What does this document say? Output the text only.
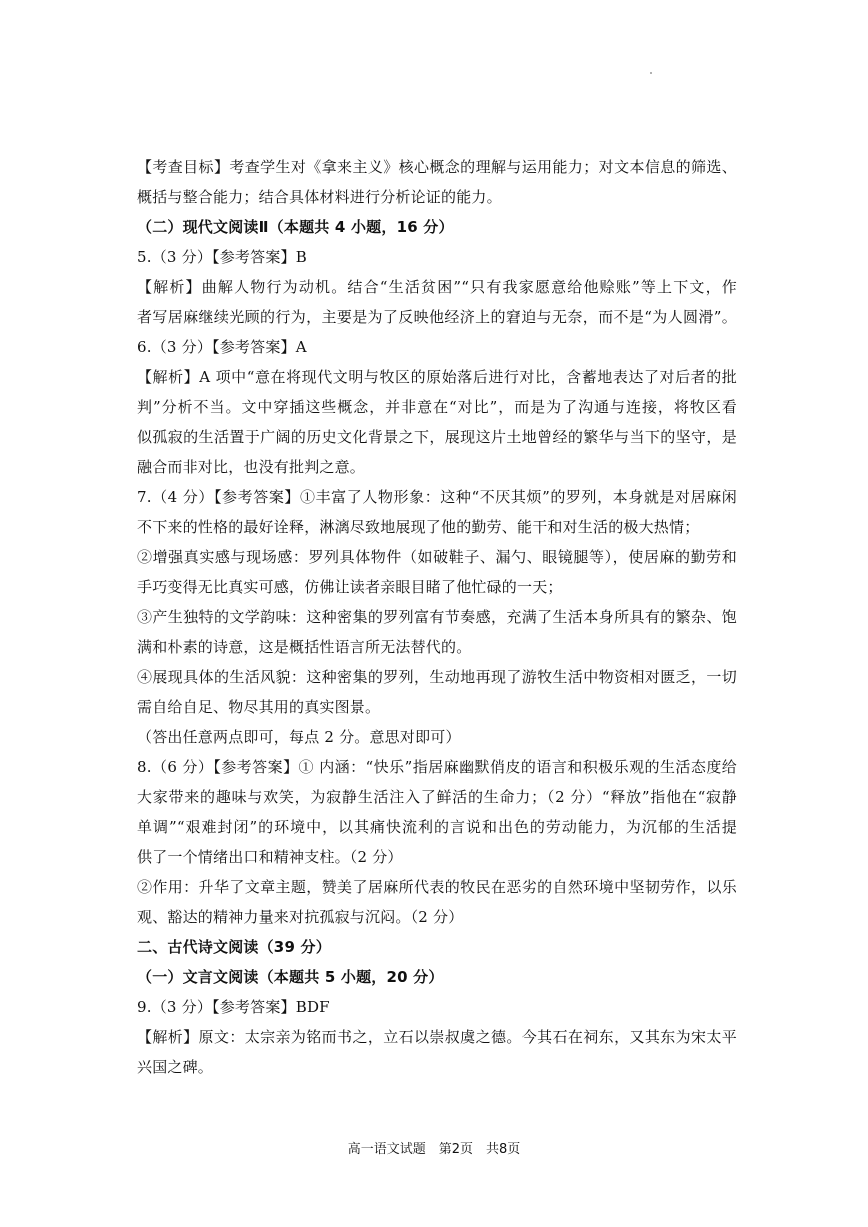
【考查目标】考查学生对《拿来主义》核心概念的理解与运用能力；对文本信息的筛选、
概括与整合能力；结合具体材料进行分析论证的能力。
（二）现代文阅读Ⅱ（本题共 4 小题，16 分）
5.（3 分）【参考答案】B
【解析】曲解人物行为动机。结合“生活贫困”“只有我家愿意给他赊账”等上下文，作
者写居麻继续光顾的行为，主要是为了反映他经济上的窘迫与无奈，而不是“为人圆滑”。
6.（3 分）【参考答案】A
【解析】A 项中“意在将现代文明与牧区的原始落后进行对比，含蓄地表达了对后者的批
判”分析不当。文中穿插这些概念，并非意在“对比”，而是为了沟通与连接，将牧区看
似孤寂的生活置于广阔的历史文化背景之下，展现这片土地曾经的繁华与当下的坚守，是
融合而非对比，也没有批判之意。
7.（4 分）【参考答案】①丰富了人物形象：这种“不厌其烦”的罗列，本身就是对居麻闲
不下来的性格的最好诠释，淋漓尽致地展现了他的勤劳、能干和对生活的极大热情；
②增强真实感与现场感：罗列具体物件（如破鞋子、漏勺、眼镜腿等），使居麻的勤劳和
手巧变得无比真实可感，仿佛让读者亲眼目睹了他忙碌的一天；
③产生独特的文学韵味：这种密集的罗列富有节奏感，充满了生活本身所具有的繁杂、饱
满和朴素的诗意，这是概括性语言所无法替代的。
④展现具体的生活风貌：这种密集的罗列，生动地再现了游牧生活中物资相对匮乏，一切
需自给自足、物尽其用的真实图景。
（答出任意两点即可，每点 2 分。意思对即可）
8.（6 分）【参考答案】① 内涵：“快乐”指居麻幽默俏皮的语言和积极乐观的生活态度给
大家带来的趣味与欢笑，为寂静生活注入了鲜活的生命力；（2 分）“释放”指他在“寂静
单调”“艰难封闭”的环境中，以其痛快流利的言说和出色的劳动能力，为沉郁的生活提
供了一个情绪出口和精神支柱。（2 分）
②作用：升华了文章主题，赞美了居麻所代表的牧民在恶劣的自然环境中坚韧劳作，以乐
观、豁达的精神力量来对抗孤寂与沉闷。（2 分）
二、古代诗文阅读（39 分）
（一）文言文阅读（本题共 5 小题，20 分）
9.（3 分）【参考答案】BDF
【解析】原文：太宗亲为铭而书之，立石以崇叔虞之德。今其石在祠东，又其东为宋太平
兴国之碑。
高一语文试题　第2页　共8页
